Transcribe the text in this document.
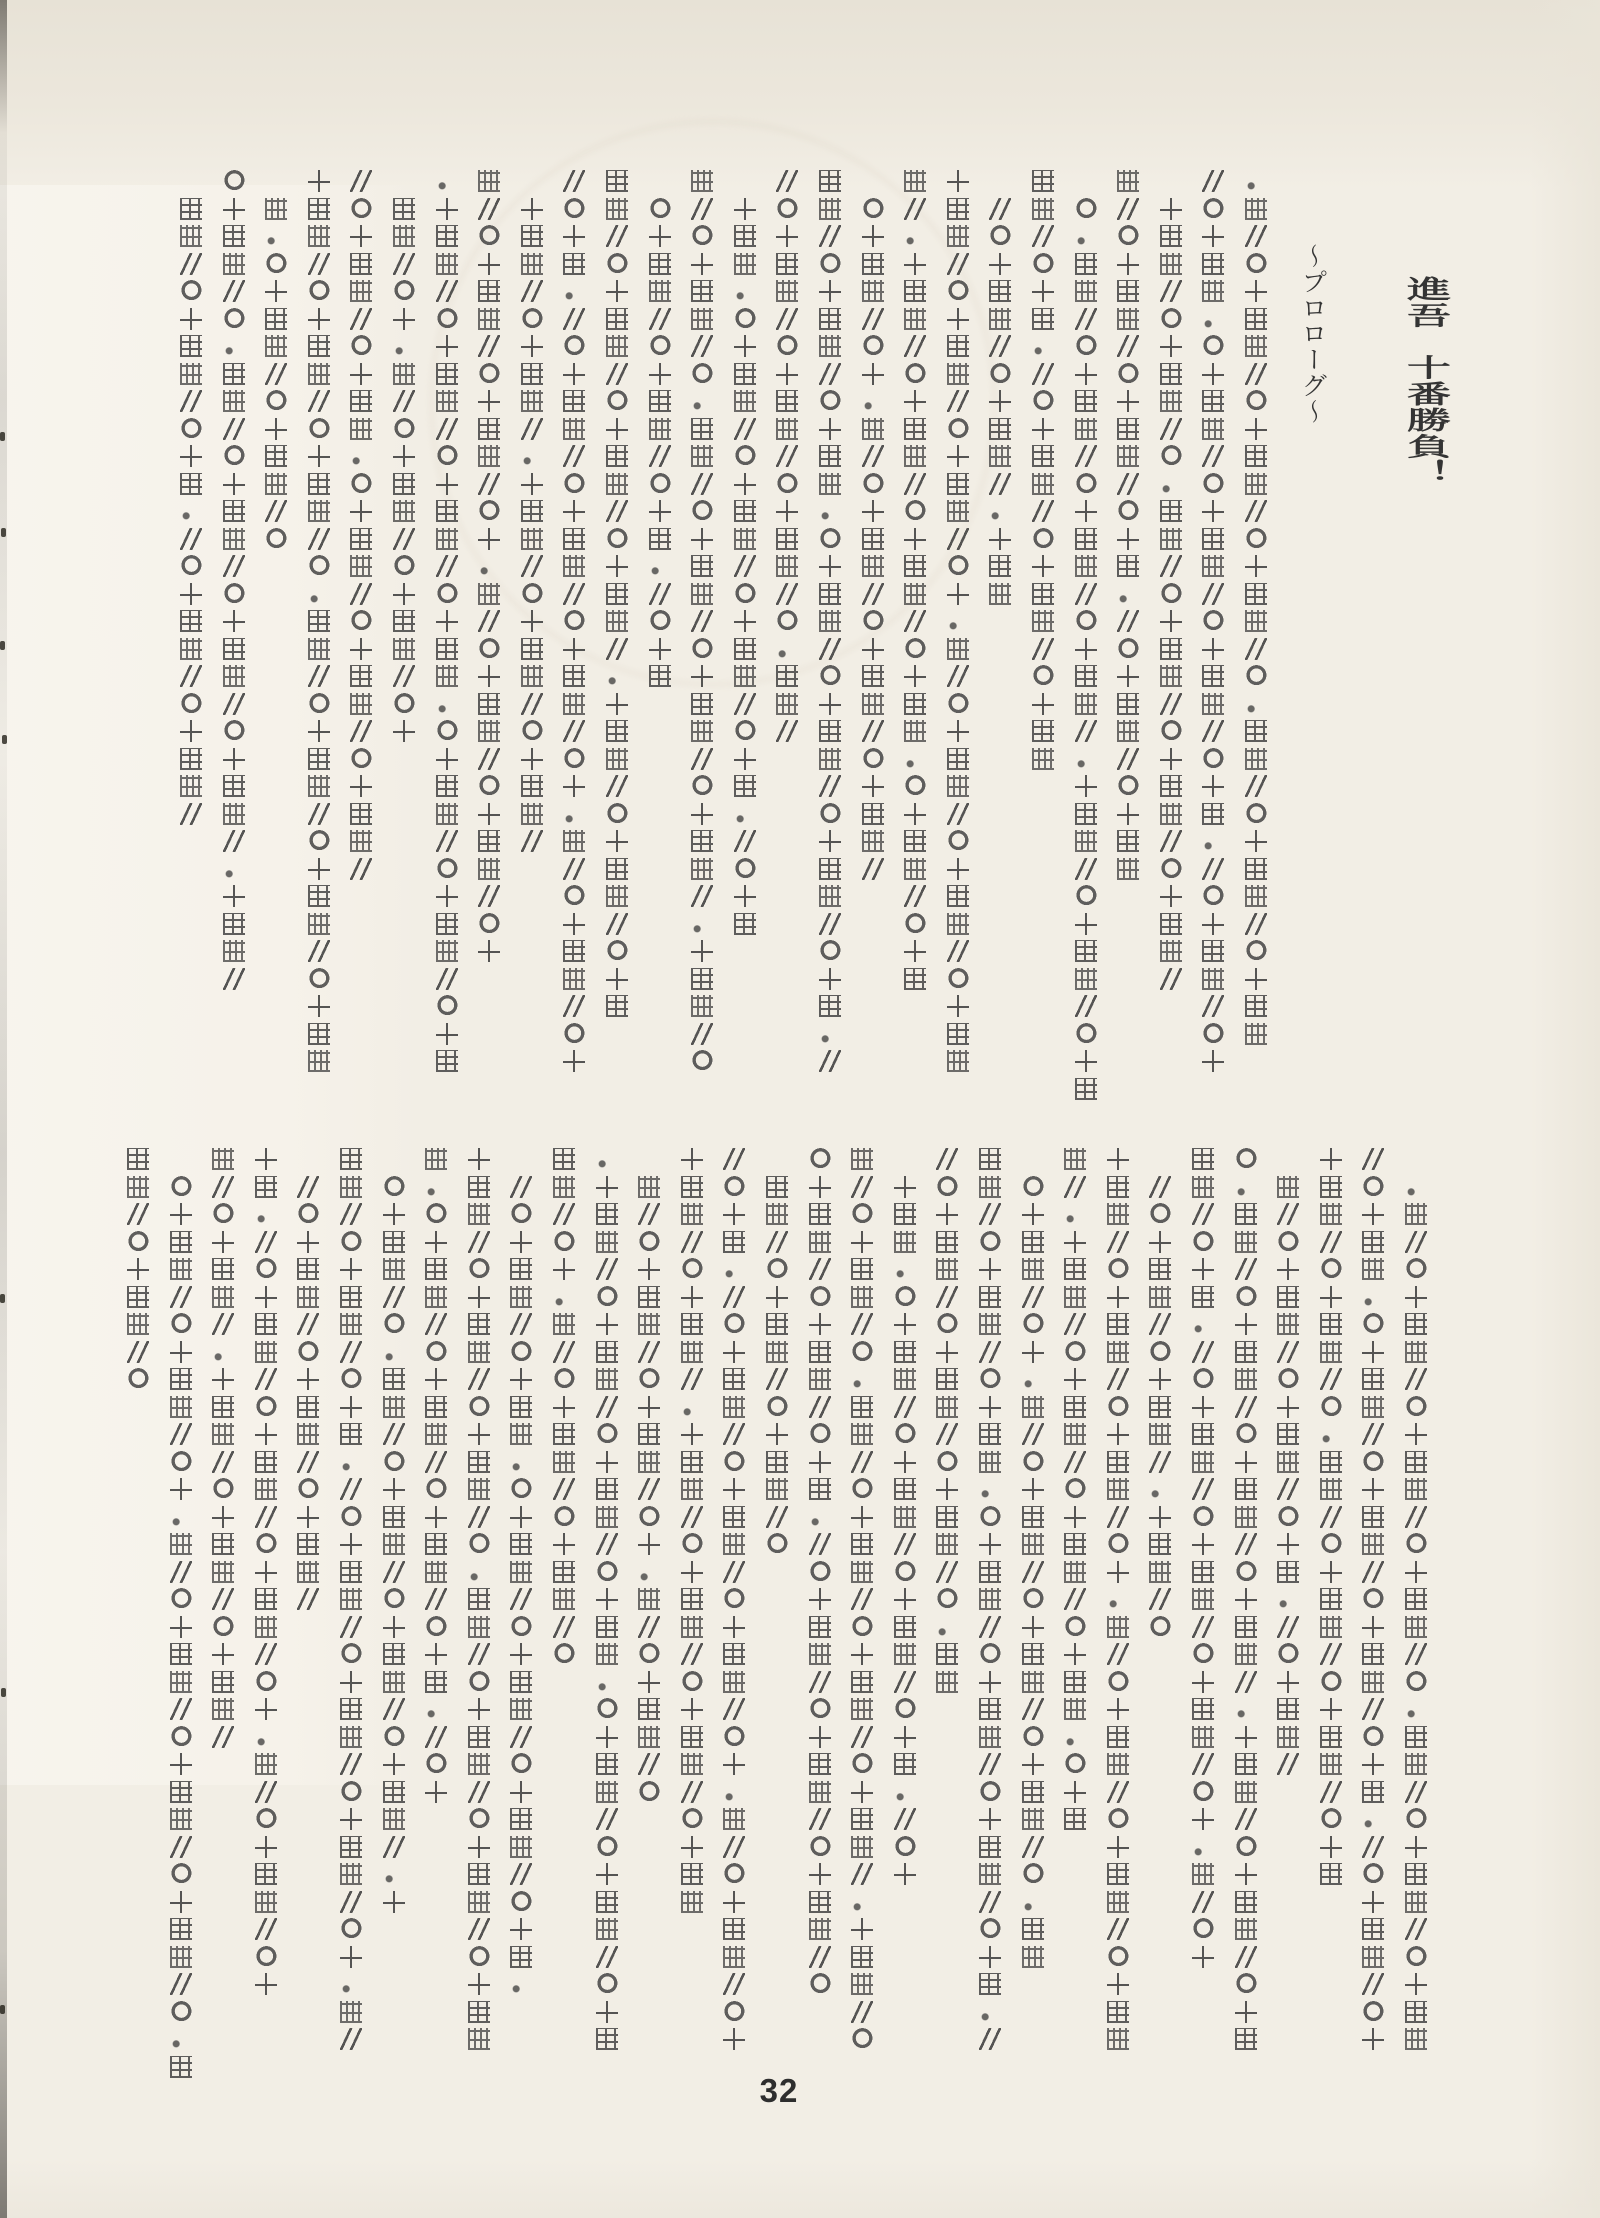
進吾　十番勝負！
〜プロローグ〜
32
